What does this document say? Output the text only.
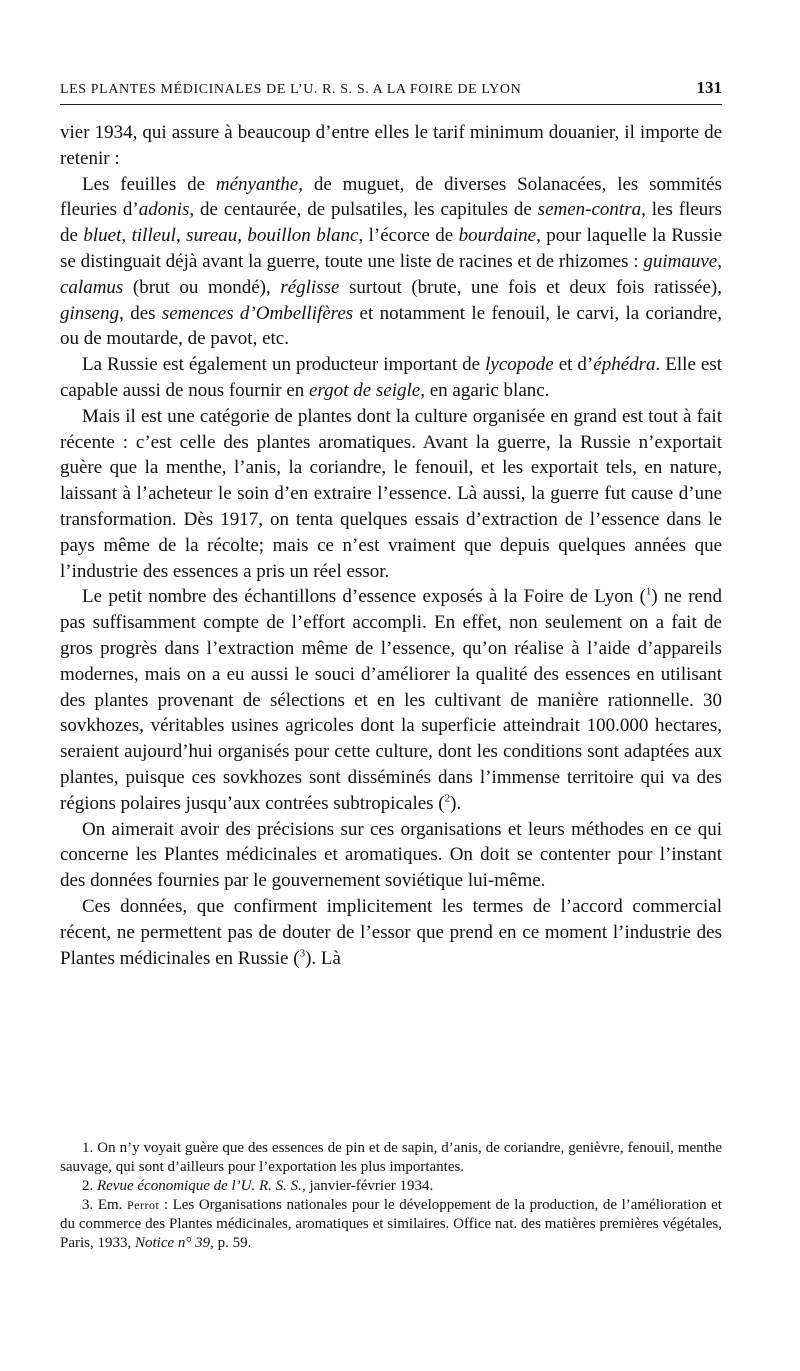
LES PLANTES MÉDICINALES DE L’U. R. S. S. A LA FOIRE DE LYON	131

vier 1934, qui assure à beaucoup d’entre elles le tarif minimum douanier, il importe de retenir :

Les feuilles de ményanthe, de muguet, de diverses Solanacées, les sommités fleuries d’adonis, de centaurée, de pulsatiles, les capitules de semen-contra, les fleurs de bluet, tilleul, sureau, bouillon blanc, l’écorce de bourdaine, pour laquelle la Russie se distinguait déjà avant la guerre, toute une liste de racines et de rhizomes : guimauve, calamus (brut ou mondé), réglisse surtout (brute, une fois et deux fois ratissée), ginseng, des semences d’Ombellifères et notamment le fenouil, le carvi, la coriandre, ou de moutarde, de pavot, etc.

La Russie est également un producteur important de lycopode et d’éphédra. Elle est capable aussi de nous fournir en ergot de seigle, en agaric blanc.

Mais il est une catégorie de plantes dont la culture organisée en grand est tout à fait récente : c’est celle des plantes aromatiques. Avant la guerre, la Russie n’exportait guère que la menthe, l’anis, la coriandre, le fenouil, et les exportait tels, en nature, laissant à l’acheteur le soin d’en extraire l’essence. Là aussi, la guerre fut cause d’une transformation. Dès 1917, on tenta quelques essais d’extraction de l’essence dans le pays même de la récolte; mais ce n’est vraiment que depuis quelques années que l’industrie des essences a pris un réel essor.

Le petit nombre des échantillons d’essence exposés à la Foire de Lyon ($^1$) ne rend pas suffisamment compte de l’effort accompli. En effet, non seulement on a fait de gros progrès dans l’extraction même de l’essence, qu’on réalise à l’aide d’appareils modernes, mais on a eu aussi le souci d’améliorer la qualité des essences en utilisant des plantes provenant de sélections et en les cultivant de manière rationnelle. 30 sovkhozes, véritables usines agricoles dont la superficie atteindrait 100.000 hectares, seraient aujourd’hui organisés pour cette culture, dont les conditions sont adaptées aux plantes, puisque ces sovkhozes sont disséminés dans l’immense territoire qui va des régions polaires jusqu’aux contrées subtropicales ($^2$).

On aimerait avoir des précisions sur ces organisations et leurs méthodes en ce qui concerne les Plantes médicinales et aromatiques. On doit se contenter pour l’instant des données fournies par le gouvernement soviétique lui-même.

Ces données, que confirment implicitement les termes de l’accord commercial récent, ne permettent pas de douter de l’essor que prend en ce moment l’industrie des Plantes médicinales en Russie ($^3$). Là

1. On n’y voyait guère que des essences de pin et de sapin, d’anis, de coriandre, genièvre, fenouil, menthe sauvage, qui sont d’ailleurs pour l’exportation les plus importantes.

2. Revue économique de l’U. R. S. S., janvier-février 1934.

3. Em. Perrot : Les Organisations nationales pour le développement de la production, de l’amélioration et du commerce des Plantes médicinales, aromatiques et similaires. Office nat. des matières premières végétales, Paris, 1933, Notice n° 39, p. 59.
